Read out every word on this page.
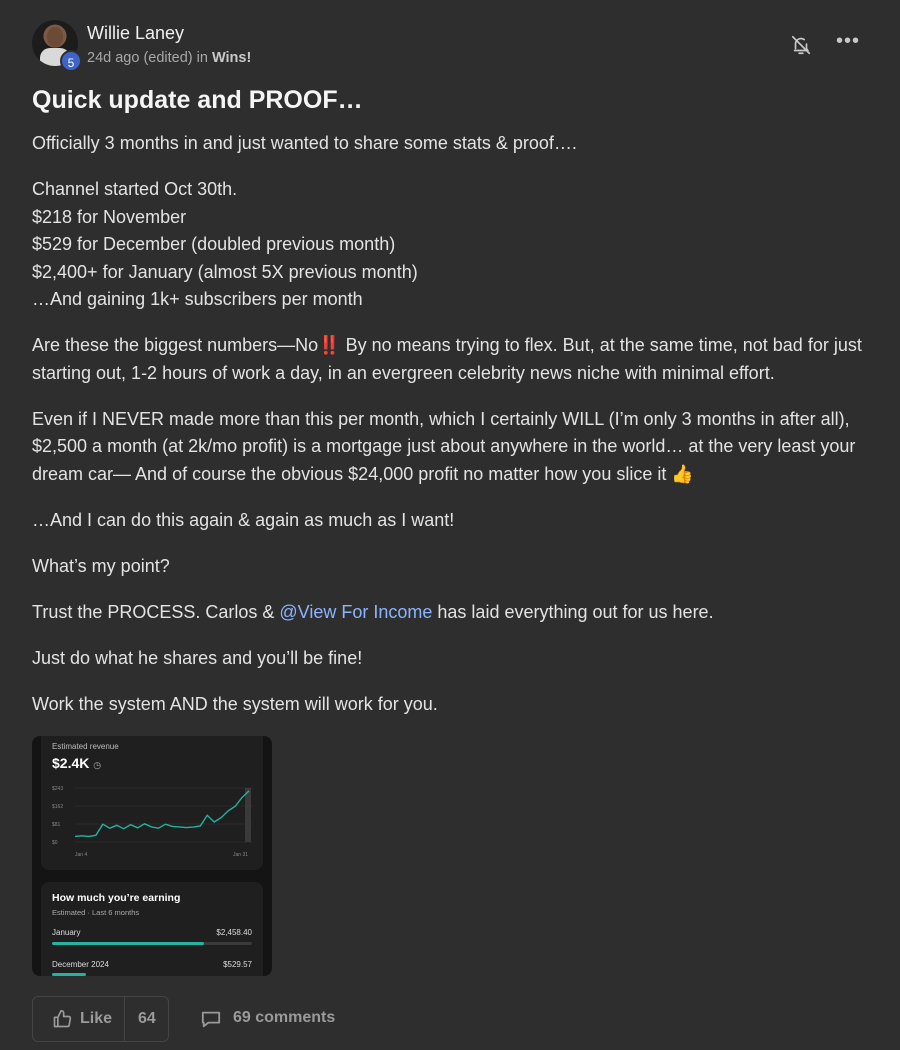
5
Willie Laney
24d ago (edited) in Wins!
•••
Quick update and PROOF…

Officially 3 months in and just wanted to share some stats & proof….

Channel started Oct 30th.
$218 for November
$529 for December (doubled previous month)
$2,400+ for January (almost 5X previous month)
…And gaining 1k+ subscribers per month

Are these the biggest numbers—No‼️ By no means trying to flex. But, at the same time, not bad for just starting out, 1-2 hours of work a day, in an evergreen celebrity news niche with minimal effort.

Even if I NEVER made more than this per month, which I certainly WILL (I’m only 3 months in after all), $2,500 a month (at 2k/mo profit) is a mortgage just about anywhere in the world… at the very least your dream car— And of course the obvious $24,000 profit no matter how you slice it 👍

…And I can do this again & again as much as I want!

What’s my point?

Trust the PROCESS. Carlos & @View For Income has laid everything out for us here.

Just do what he shares and you’ll be fine!

Work the system AND the system will work for you.

Estimated revenue
$2.4K ◷
$0
$81
$162
$243
Jan 4	Jan 31
How much you’re earning
Estimated · Last 6 months
January	$2,458.40
December 2024	$529.57
Like 64	69 comments
